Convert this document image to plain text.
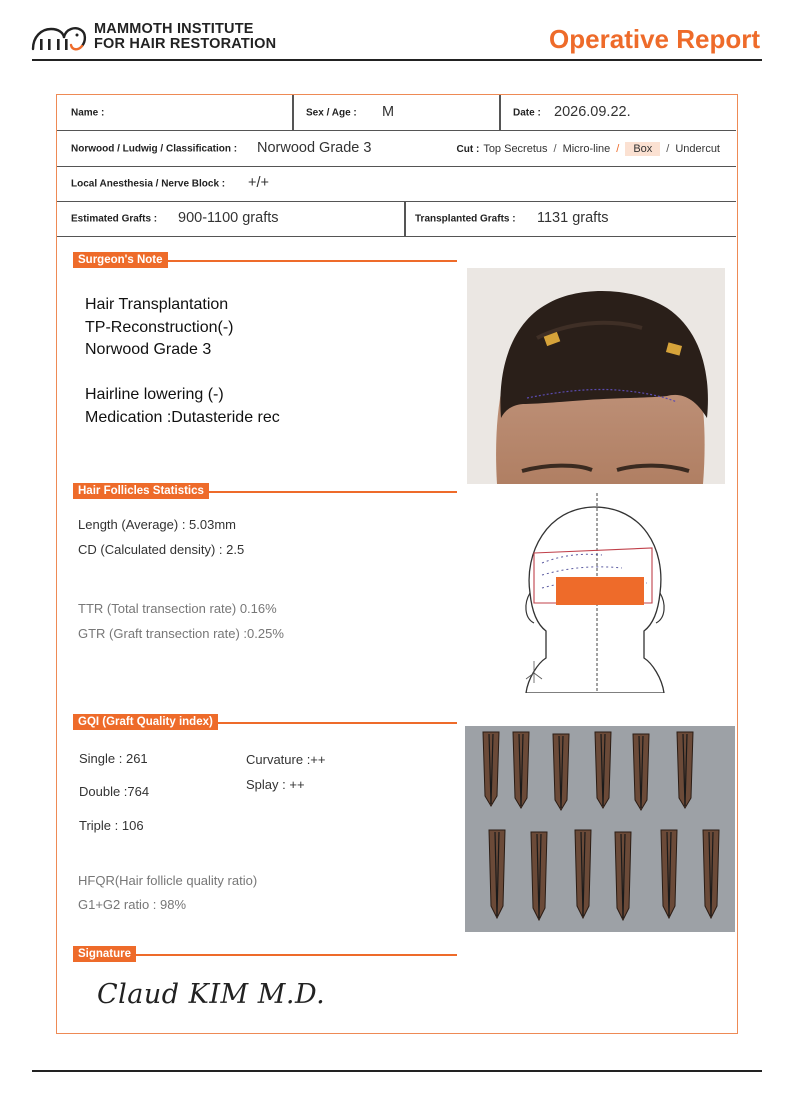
MAMMOTH INSTITUTE
FOR HAIR RESTORATION	Operative Report
Name :	Sex / Age : M	Date : 2026.09.22.
Norwood / Ludwig / Classification : Norwood Grade 3	Cut : Top Secretus / Micro-line / Box / Undercut
Local Anesthesia / Nerve Block : +/+
Estimated Grafts : 900-1100 grafts	Transplanted Grafts : 1131 grafts
Surgeon's Note
Hair Transplantation
TP-Reconstruction(-)
Norwood Grade 3
Hairline lowering (-)
Medication :Dutasteride rec
Hair Follicles Statistics
Length (Average) : 5.03mm
CD (Calculated density) : 2.5
TTR (Total transection rate) 0.16%
GTR (Graft transection rate) :0.25%
GQI (Graft Quality index)
Single : 261
Double :764
Triple : 106
Curvature :++
Splay : ++
HFQR(Hair follicle quality ratio)
G1+G2 ratio : 98%
Signature
Claud KIM M.D.
